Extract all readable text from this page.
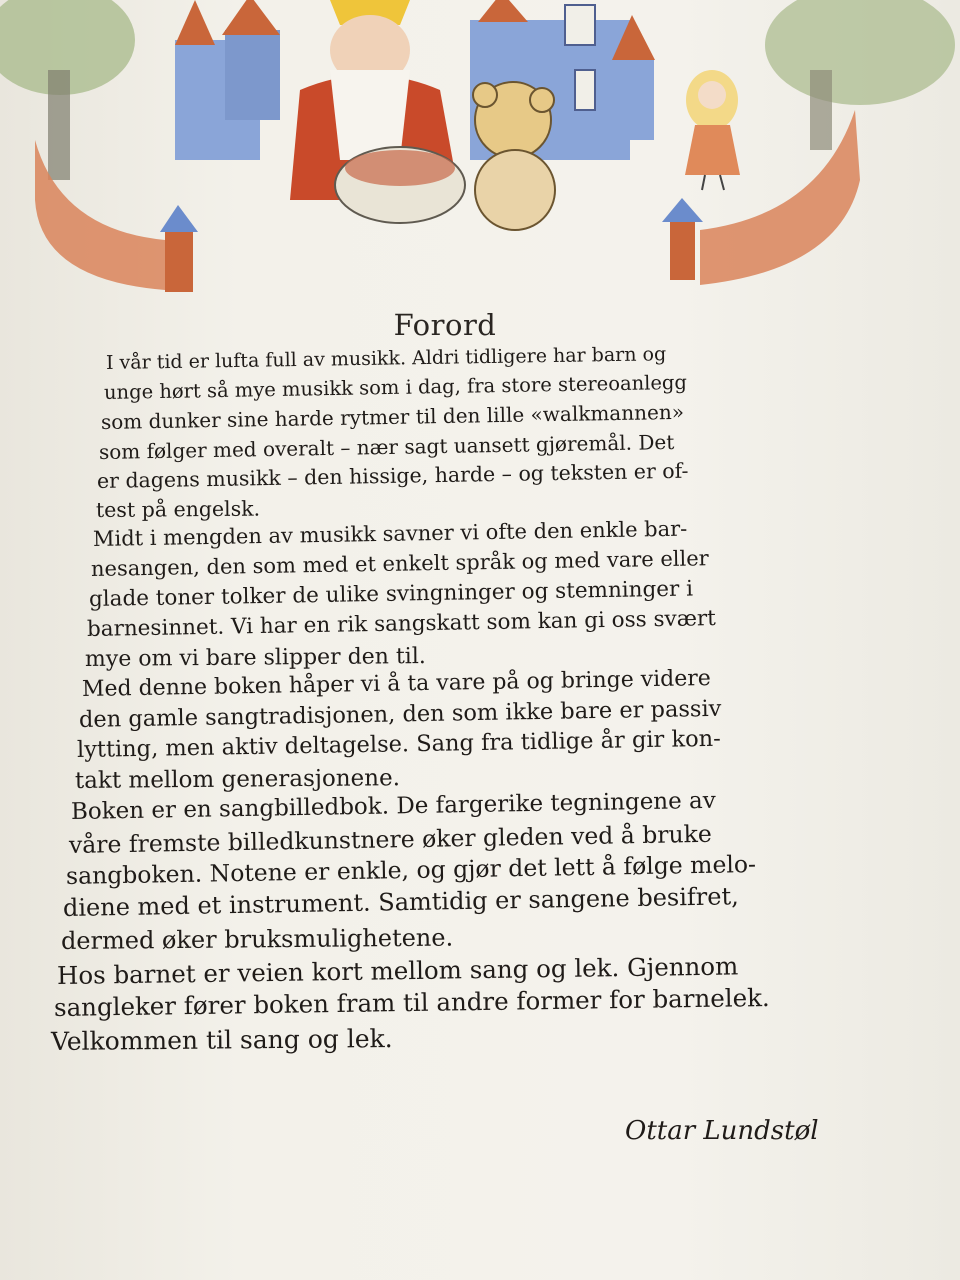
Forord
I vår tid er lufta full av musikk. Aldri tidligere har barn og
unge hørt så mye musikk som i dag, fra store stereoanlegg
som dunker sine harde rytmer til den lille «walkmannen»
som følger med overalt – nær sagt uansett gjøremål. Det
er dagens musikk – den hissige, harde – og teksten er of-
test på engelsk.
Midt i mengden av musikk savner vi ofte den enkle bar-
nesangen, den som med et enkelt språk og med vare eller
glade toner tolker de ulike svingninger og stemninger i
barnesinnet. Vi har en rik sangskatt som kan gi oss svært
mye om vi bare slipper den til.
Med denne boken håper vi å ta vare på og bringe videre
den gamle sangtradisjonen, den som ikke bare er passiv
lytting, men aktiv deltagelse. Sang fra tidlige år gir kon-
takt mellom generasjonene.
Boken er en sangbilledbok. De fargerike tegningene av
våre fremste billedkunstnere øker gleden ved å bruke
sangboken. Notene er enkle, og gjør det lett å følge melo-
diene med et instrument. Samtidig er sangene besifret,
dermed øker bruksmulighetene.
Hos barnet er veien kort mellom sang og lek. Gjennom
sangleker fører boken fram til andre former for barnelek.
Velkommen til sang og lek.
Ottar Lundstøl
